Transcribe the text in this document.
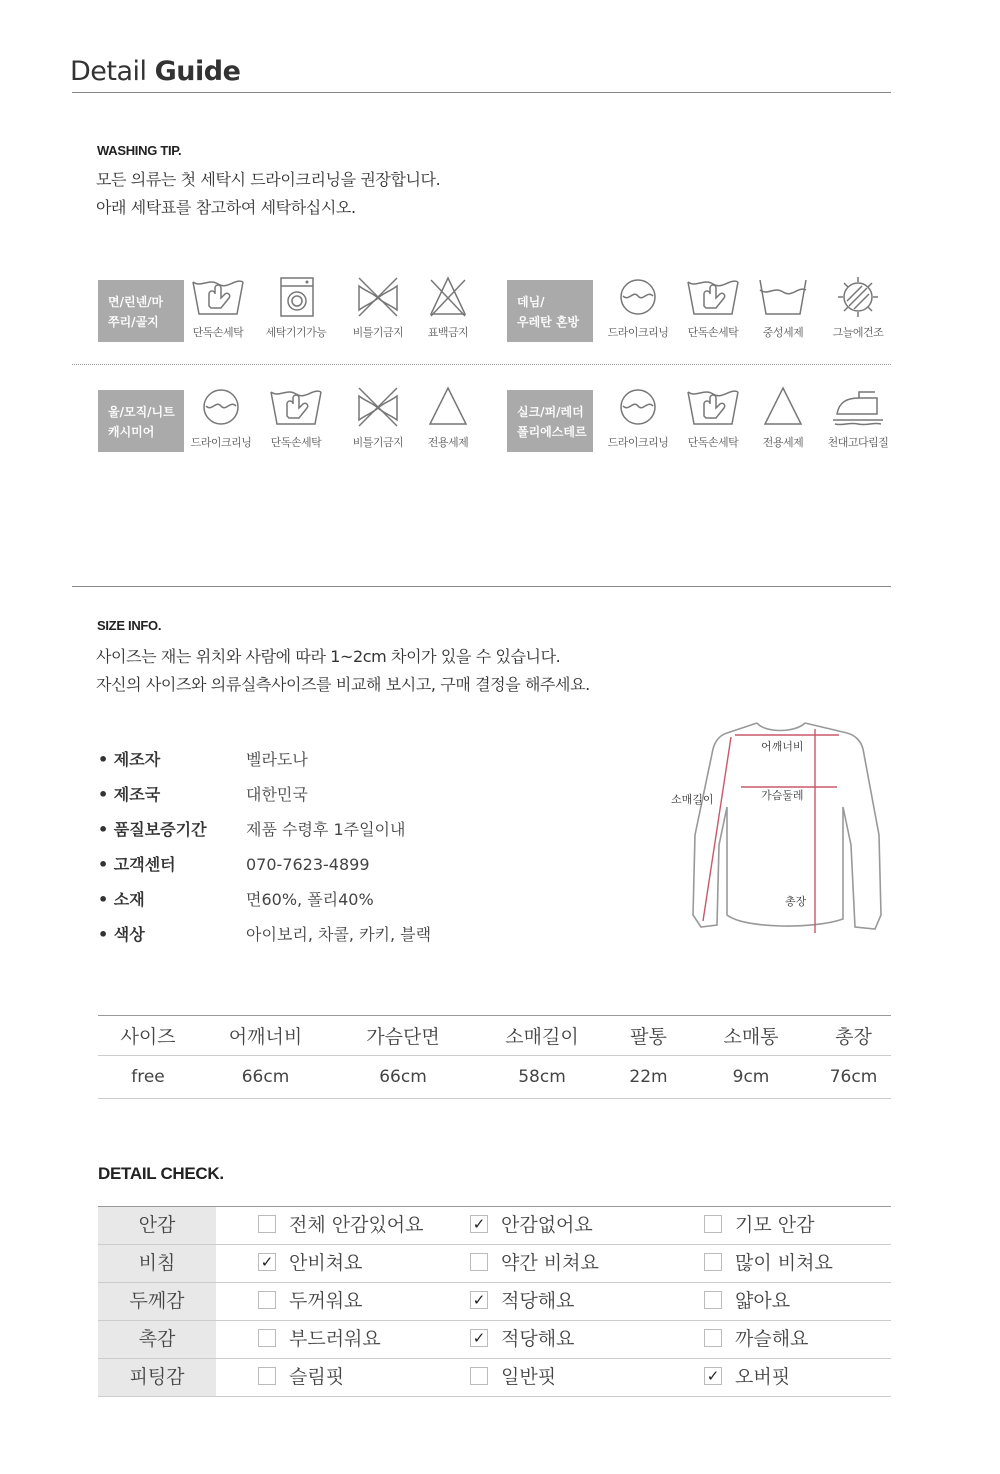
Detail Guide
WASHING TIP.
모든 의류는 첫 세탁시 드라이크리닝을 권장합니다.
아래 세탁표를 참고하여 세탁하십시오.
면/린넨/마
쭈리/골지
단독손세탁	세탁기기가능	비틀기금지	표백금지
데님/
우레탄 혼방
드라이크리닝	단독손세탁	중성세제	그늘에건조
울/모직/니트
캐시미어
드라이크리닝	단독손세탁	비틀기금지	전용세제
실크/퍼/레더
폴리에스테르
드라이크리닝	단독손세탁	전용세제	천대고다림질
SIZE INFO.
사이즈는 재는 위치와 사람에 따라 1~2cm 차이가 있을 수 있습니다.
자신의 사이즈와 의류실측사이즈를 비교해 보시고, 구매 결정을 해주세요.
• 제조자	벨라도나
• 제조국	대한민국
• 품질보증기간 제품 수령후 1주일이내
• 고객센터	070-7623-4899
• 소재	면60%, 폴리40%
• 색상	아이보리, 차콜, 카키, 블랙
어깨너비
가슴둘레
소매길이
총장
사이즈	어깨너비	가슴단면	소매길이	팔통	소매통	총장
free	66cm	66cm	58cm	22m	9cm	76cm
DETAIL CHECK.
안감	전체 안감있어요	✓ 안감없어요	기모 안감
비침	✓ 안비쳐요	약간 비쳐요	많이 비쳐요
두께감	두꺼워요	✓ 적당해요	얇아요
촉감	부드러워요	✓ 적당해요	까슬해요
피팅감	슬림핏	일반핏	✓ 오버핏
